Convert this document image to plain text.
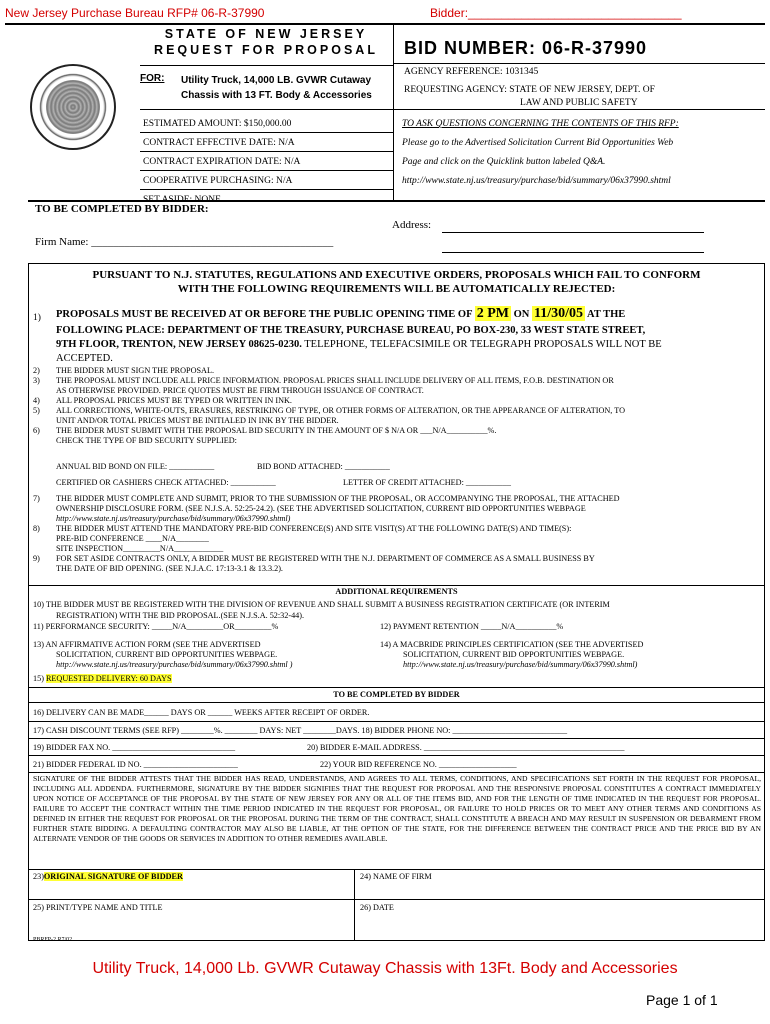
New Jersey Purchase Bureau RFP# 06-R-37990	Bidder:________________________________
STATE OF NEW JERSEY
REQUEST FOR PROPOSAL	BID NUMBER: 06-R-37990
FOR: Utility Truck, 14,000 LB. GVWR Cutaway
Chassis with 13 FT. Body & Accessories
AGENCY REFERENCE: 1031345
REQUESTING AGENCY: STATE OF NEW JERSEY, DEPT. OF
LAW AND PUBLIC SAFETY
ESTIMATED AMOUNT: $150,000.00
CONTRACT EFFECTIVE DATE: N/A
CONTRACT EXPIRATION DATE: N/A
COOPERATIVE PURCHASING: N/A
TO ASK QUESTIONS CONCERNING THE CONTENTS OF THIS RFP:
Please go to the Advertised Solicitation Current Bid Opportunities Web
Page and click on the Quicklink button labeled Q&A.
http://www.state.nj.us/treasury/purchase/bid/summary/06x37990.shtml
TO BE COMPLETED BY BIDDER:
Address:
Firm Name: ____________________________________________
PURSUANT TO N.J. STATUTES, REGULATIONS AND EXECUTIVE ORDERS, PROPOSALS WHICH FAIL TO CONFORM
WITH THE FOLLOWING REQUIREMENTS WILL BE AUTOMATICALLY REJECTED:
1) PROPOSALS MUST BE RECEIVED AT OR BEFORE THE PUBLIC OPENING TIME OF 2 PM ON 11/30/05 AT THE
FOLLOWING PLACE: DEPARTMENT OF THE TREASURY, PURCHASE BUREAU, PO BOX-230, 33 WEST STATE STREET,
9TH FLOOR, TRENTON, NEW JERSEY 08625-0230. TELEPHONE, TELEFACSIMILE OR TELEGRAPH PROPOSALS WILL NOT BE
ACCEPTED.
2)	THE BIDDER MUST SIGN THE PROPOSAL.
3)	THE PROPOSAL MUST INCLUDE ALL PRICE INFORMATION. PROPOSAL PRICES SHALL INCLUDE DELIVERY OF ALL ITEMS, F.O.B. DESTINATION OR
AS OTHERWISE PROVIDED. PRICE QUOTES MUST BE FIRM THROUGH ISSUANCE OF CONTRACT.
4)	ALL PROPOSAL PRICES MUST BE TYPED OR WRITTEN IN INK.
5)	ALL CORRECTIONS, WHITE-OUTS, ERASURES, RESTRIKING OF TYPE, OR OTHER FORMS OF ALTERATION, OR THE APPEARANCE OF ALTERATION, TO
UNIT AND/OR TOTAL PRICES MUST BE INITIALED IN INK BY THE BIDDER.
6)	THE BIDDER MUST SUBMIT WITH THE PROPOSAL BID SECURITY IN THE AMOUNT OF $ N/A OR ___N/A__________%.
CHECK THE TYPE OF BID SECURITY SUPPLIED:
ANNUAL BID BOND ON FILE: ___________	BID BOND ATTACHED: ___________
CERTIFIED OR CASHIERS CHECK ATTACHED: ___________	LETTER OF CREDIT ATTACHED: ___________
7)	THE BIDDER MUST COMPLETE AND SUBMIT, PRIOR TO THE SUBMISSION OF THE PROPOSAL, OR ACCOMPANYING THE PROPOSAL, THE ATTACHED
OWNERSHIP DISCLOSURE FORM. (SEE N.J.S.A. 52:25-24.2). (SEE THE ADVERTISED SOLICITATION, CURRENT BID OPPORTUNITIES WEBPAGE
http://www.state.nj.us/treasury/purchase/bid/summary/06x37990.shtml)
8)	THE BIDDER MUST ATTEND THE MANDATORY PRE-BID CONFERENCE(S) AND SITE VISIT(S) AT THE FOLLOWING DATE(S) AND TIME(S):
PRE-BID CONFERENCE ____N/A________
SITE INSPECTION_________N/A____________
9)	FOR SET ASIDE CONTRACTS ONLY, A BIDDER MUST BE REGISTERED WITH THE N.J. DEPARTMENT OF COMMERCE AS A SMALL BUSINESS BY
THE DATE OF BID OPENING. (SEE N.J.A.C. 17:13-3.1 & 13.3.2).
ADDITIONAL REQUIREMENTS
10) THE BIDDER MUST BE REGISTERED WITH THE DIVISION OF REVENUE AND SHALL SUBMIT A BUSINESS REGISTRATION CERTIFICATE (OR INTERIM
REGISTRATION) WITH THE BID PROPOSAL.(SEE N.J.S.A. 52:32-44).
11) PERFORMANCE SECURITY: _____N/A_________OR_________%	12) PAYMENT RETENTION _____N/A__________%
13) AN AFFIRMATIVE ACTION FORM (SEE THE ADVERTISED
SOLICITATION, CURRENT BID OPPORTUNITIES WEBPAGE.
http://www.state.nj.us/treasury/purchase/bid/summary/06x37990.shtml )
14) A MACBRIDE PRINCIPLES CERTIFICATION (SEE THE ADVERTISED
SOLICITATION, CURRENT BID OPPORTUNITIES WEBPAGE.
http://www.state.nj.us/treasury/purchase/bid/summary/06x37990.shtml)
15) REQUESTED DELIVERY: 60 DAYS
TO BE COMPLETED BY BIDDER
16) DELIVERY CAN BE MADE______ DAYS OR ______ WEEKS AFTER RECEIPT OF ORDER.
17) CASH DISCOUNT TERMS (SEE RFP) ________%. ________ DAYS: NET ________DAYS. 18) BIDDER PHONE NO: ____________________________
19) BIDDER FAX NO. ______________________________	20) BIDDER E-MAIL ADDRESS. _________________________________________________
21) BIDDER FEDERAL ID NO. _______________________	22) YOUR BID REFERENCE NO. ___________________
SIGNATURE OF THE BIDDER ATTESTS THAT THE BIDDER HAS READ, UNDERSTANDS, AND AGREES TO ALL TERMS, CONDITIONS, AND SPECIFICATIONS SET FORTH IN THE REQUEST FOR PROPOSAL, INCLUDING ALL ADDENDA. FURTHERMORE, SIGNATURE BY THE BIDDER SIGNIFIES THAT THE REQUEST FOR PROPOSAL AND THE RESPONSIVE PROPOSAL CONSTITUTES A CONTRACT IMMEDIATELY UPON NOTICE OF ACCEPTANCE OF THE PROPOSAL BY THE STATE OF NEW JERSEY FOR ANY OR ALL OF THE ITEMS BID, AND FOR THE LENGTH OF TIME INDICATED IN THE REQUEST FOR PROPOSAL. FAILURE TO ACCEPT THE CONTRACT WITHIN THE TIME PERIOD INDICATED IN THE REQUEST FOR PROPOSAL, OR FAILURE TO HOLD PRICES OR TO MEET ANY OTHER TERMS AND CONDITIONS AS DEFINED IN EITHER THE REQUEST FOR PROPOSAL OR THE PROPOSAL DURING THE TERM OF THE CONTRACT, SHALL CONSTITUTE A BREACH AND MAY RESULT IN SUSPENSION OR DEBARMENT FROM FURTHER STATE BIDDING. A DEFAULTING CONTRACTOR MAY ALSO BE LIABLE, AT THE OPTION OF THE STATE, FOR THE DIFFERENCE BETWEEN THE CONTRACT PRICE AND THE PRICE BID BY AN ALTERNATE VENDOR OF THE GOODS OR SERVICES IN ADDITION TO OTHER REMEDIES AVAILABLE.
23)ORIGINAL SIGNATURE OF BIDDER	24) NAME OF FIRM
25) PRINT/TYPE NAME AND TITLE	26) DATE
PBRFP-2 R7/02
Utility Truck, 14,000 Lb. GVWR Cutaway Chassis with 13Ft. Body and Accessories
Page 1 of 1
